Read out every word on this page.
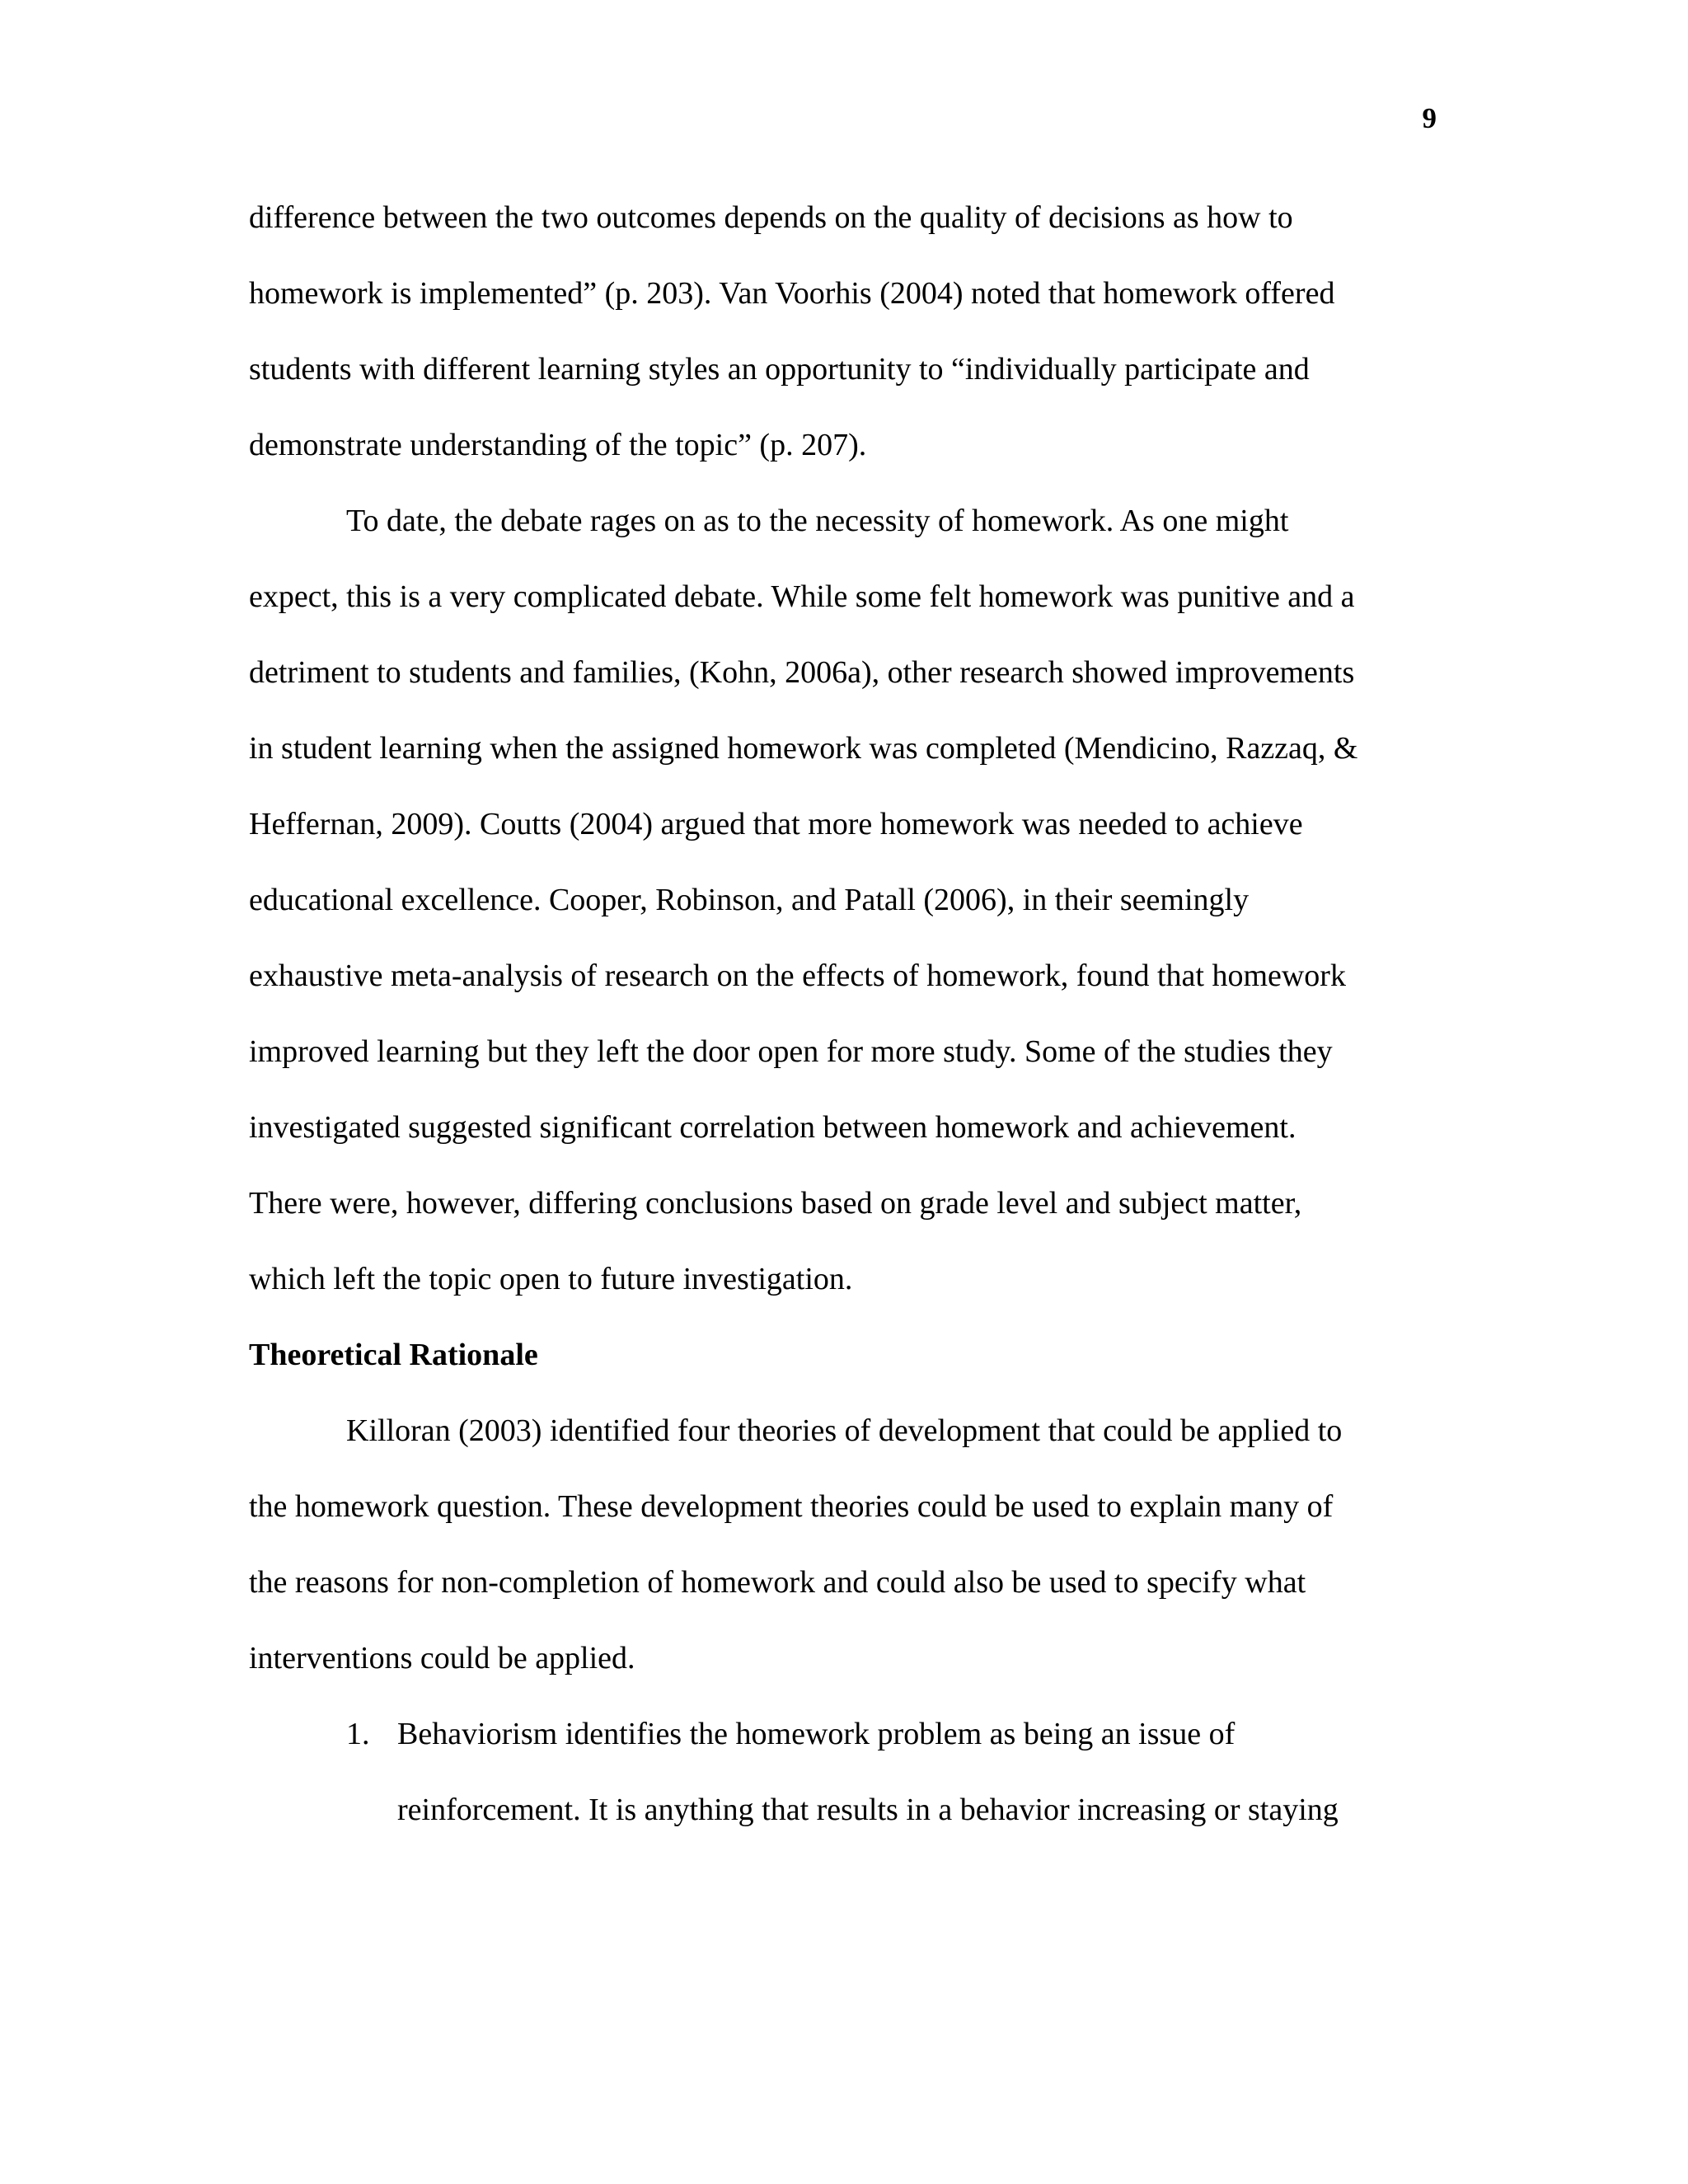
9
difference between the two outcomes depends on the quality of decisions as how to
homework is implemented” (p. 203). Van Voorhis (2004) noted that homework offered
students with different learning styles an opportunity to “individually participate and
demonstrate understanding of the topic” (p. 207).
To date, the debate rages on as to the necessity of homework. As one might
expect, this is a very complicated debate. While some felt homework was punitive and a
detriment to students and families, (Kohn, 2006a), other research showed improvements
in student learning when the assigned homework was completed (Mendicino, Razzaq, &
Heffernan, 2009). Coutts (2004) argued that more homework was needed to achieve
educational excellence. Cooper, Robinson, and Patall (2006), in their seemingly
exhaustive meta-analysis of research on the effects of homework, found that homework
improved learning but they left the door open for more study. Some of the studies they
investigated suggested significant correlation between homework and achievement.
There were, however, differing conclusions based on grade level and subject matter,
which left the topic open to future investigation.
Theoretical Rationale
Killoran (2003) identified four theories of development that could be applied to
the homework question. These development theories could be used to explain many of
the reasons for non-completion of homework and could also be used to specify what
interventions could be applied.
1. Behaviorism identifies the homework problem as being an issue of
reinforcement. It is anything that results in a behavior increasing or staying
